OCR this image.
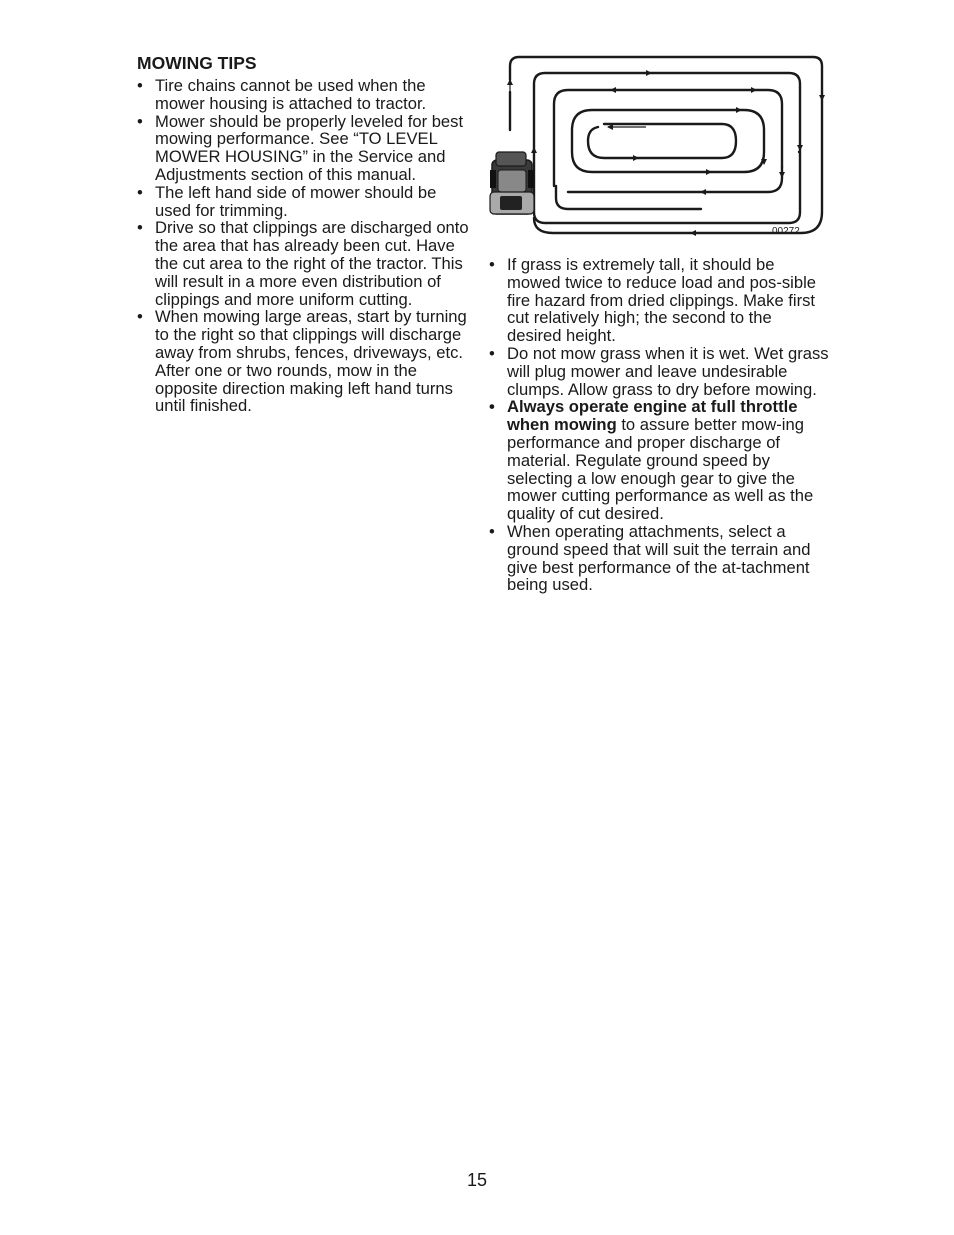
MOWING TIPS
• Tire chains cannot be used when the mower housing is attached to tractor.
• Mower should be properly leveled for best mowing performance. See “TO LEVEL MOWER HOUSING” in the Service and Adjustments section of this manual.
• The left hand side of mower should be used for trimming.
• Drive so that clippings are discharged onto the area that has already been cut. Have the cut area to the right of the tractor. This will result in a more even distribution of clippings and more uniform cutting.
• When mowing large areas, start by turning to the right so that clippings will discharge away from shrubs, fences, driveways, etc. After one or two rounds, mow in the opposite direction making left hand turns until finished.
00272
• If grass is extremely tall, it should be mowed twice to reduce load and pos-sible fire hazard from dried clippings. Make first cut relatively high; the second to the desired height.
• Do not mow grass when it is wet. Wet grass will plug mower and leave undesirable clumps. Allow grass to dry before mowing.
• Always operate engine at full throttle when mowing to assure better mow-ing performance and proper discharge of material. Regulate ground speed by selecting a low enough gear to give the mower cutting performance as well as the quality of cut desired.
• When operating attachments, select a ground speed that will suit the terrain and give best performance of the at-tachment being used.
15
